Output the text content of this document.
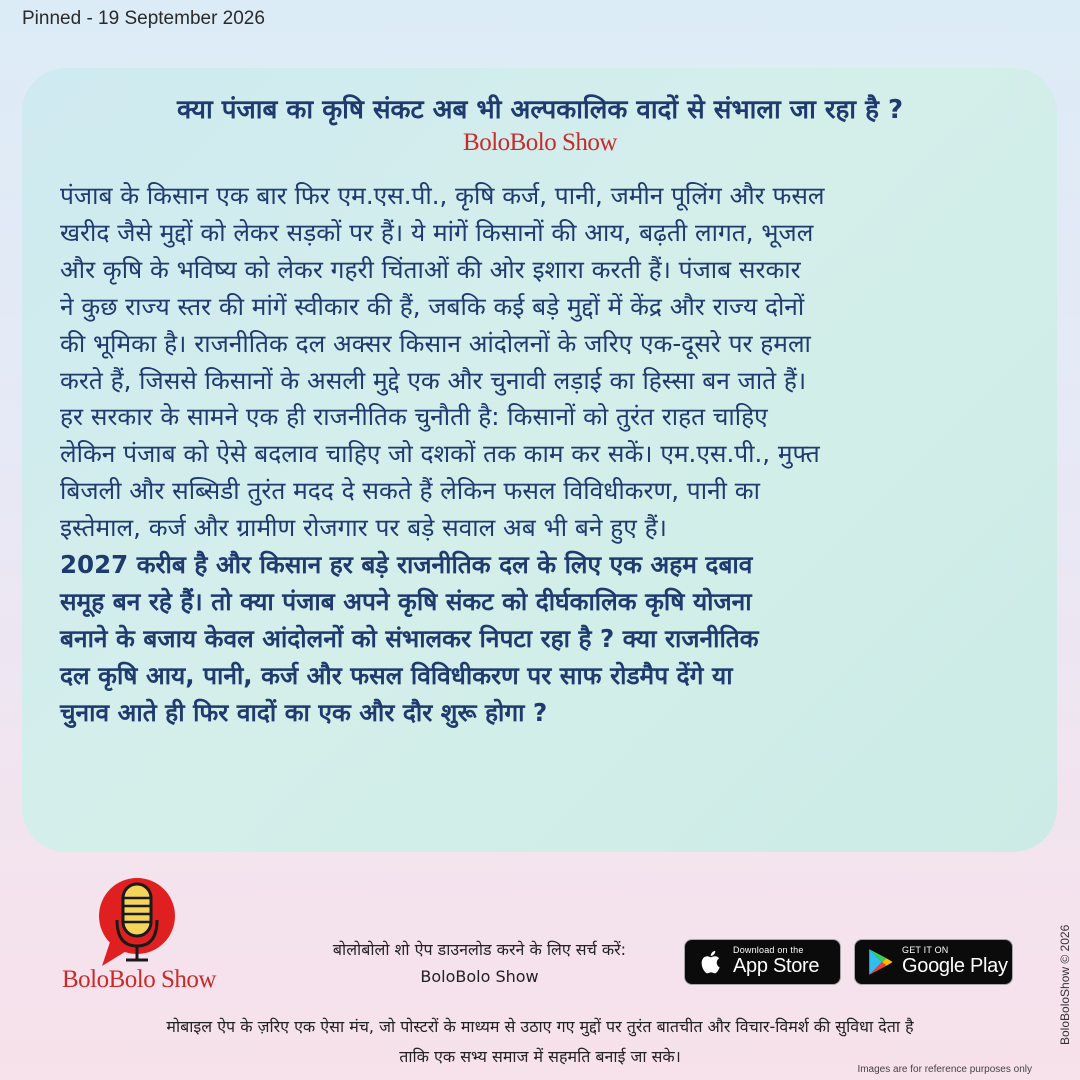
Pinned - 19 September 2026
क्या पंजाब का कृषि संकट अब भी अल्पकालिक वादों से संभाला जा रहा है ?
BoloBolo Show
पंजाब के किसान एक बार फिर एम.एस.पी., कृषि कर्ज, पानी, जमीन पूलिंग और फसल
खरीद जैसे मुद्दों को लेकर सड़कों पर हैं। ये मांगें किसानों की आय, बढ़ती लागत, भूजल
और कृषि के भविष्य को लेकर गहरी चिंताओं की ओर इशारा करती हैं। पंजाब सरकार
ने कुछ राज्य स्तर की मांगें स्वीकार की हैं, जबकि कई बड़े मुद्दों में केंद्र और राज्य दोनों
की भूमिका है। राजनीतिक दल अक्सर किसान आंदोलनों के जरिए एक-दूसरे पर हमला
करते हैं, जिससे किसानों के असली मुद्दे एक और चुनावी लड़ाई का हिस्सा बन जाते हैं।
हर सरकार के सामने एक ही राजनीतिक चुनौती है: किसानों को तुरंत राहत चाहिए
लेकिन पंजाब को ऐसे बदलाव चाहिए जो दशकों तक काम कर सकें। एम.एस.पी., मुफ्त
बिजली और सब्सिडी तुरंत मदद दे सकते हैं लेकिन फसल विविधीकरण, पानी का
इस्तेमाल, कर्ज और ग्रामीण रोजगार पर बड़े सवाल अब भी बने हुए हैं।
2027 करीब है और किसान हर बड़े राजनीतिक दल के लिए एक अहम दबाव
समूह बन रहे हैं। तो क्या पंजाब अपने कृषि संकट को दीर्घकालिक कृषि योजना
बनाने के बजाय केवल आंदोलनों को संभालकर निपटा रहा है ? क्या राजनीतिक
दल कृषि आय, पानी, कर्ज और फसल विविधीकरण पर साफ रोडमैप देंगे या
चुनाव आते ही फिर वादों का एक और दौर शुरू होगा ?
BoloBolo Show
बोलोबोलो शो ऐप डाउनलोड करने के लिए सर्च करें:
BoloBolo Show
Download on the
App Store
GET IT ON
Google Play
मोबाइल ऐप के ज़रिए एक ऐसा मंच, जो पोस्टरों के माध्यम से उठाए गए मुद्दों पर तुरंत बातचीत और विचार-विमर्श की सुविधा देता है
ताकि एक सभ्य समाज में सहमति बनाई जा सके।
BoloBoloShow © 2026
Images are for reference purposes only
